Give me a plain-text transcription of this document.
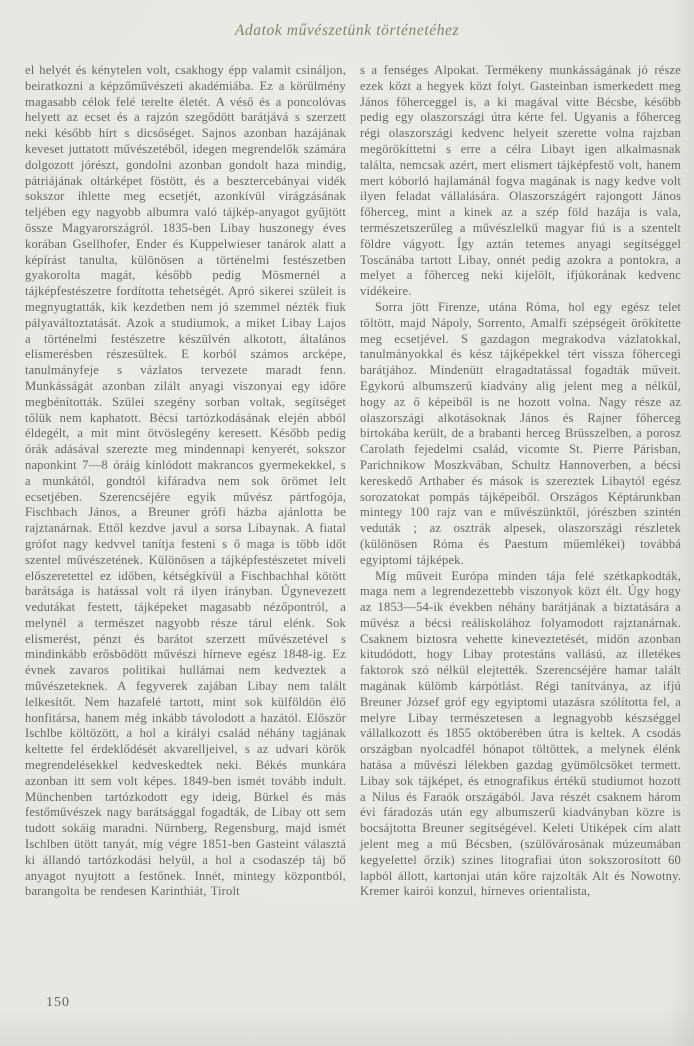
Adatok művészetünk történetéhez

el helyét és kénytelen volt, csakhogy épp valamit csináljon, beiratkozni a képzőművészeti akadémiába. Ez a körülmény magasabb célok felé terelte életét. A véső és a poncolóvas helyett az ecset és a rajzón szegődött barátjává s szerzett neki később hírt s dicsőséget. Sajnos azonban hazájának keveset juttatott művészetéből, idegen megrendelők számára dolgozott jórészt, gondolni azonban gondolt haza mindig, pátriájának oltárképet föstött, és a besztercebányai vidék sokszor ihlette meg ecsetjét, azonkívül virágzásának teljében egy nagyobb albumra való tájkép-anyagot gyűjtött össze Magyarországról. 1835-ben Libay huszonegy éves korában Gsellhofer, Ender és Kuppelwieser tanárok alatt a képírást tanulta, különösen a történelmi festészetben gyakorolta magát, később pedig Mösmernél a tájképfestészetre fordította tehetségét. Apró sikerei szüleit is megnyugtatták, kik kezdetben nem jó szemmel nézték fiuk pályaváltoztatását. Azok a studiumok, a miket Libay Lajos a történelmi festészetre készülvén alkotott, általános elismerésben részesültek. E korból számos arcképe, tanulmányfeje s vázlatos tervezete maradt fenn. Munkásságát azonban zilált anyagi viszonyai egy időre megbénították. Szülei szegény sorban voltak, segítséget tőlük nem kaphatott. Bécsi tartózkodásának elején abból éldegélt, a mit mint ötvöslegény keresett. Később pedig órák adásával szerezte meg mindennapi kenyerét, sokszor naponkint 7—8 óráig kínlódott makrancos gyermekekkel, s a munkától, gondtól kifáradva nem sok örömet lelt ecsetjében. Szerencséjére egyik művész pártfogója, Fischbach János, a Breuner grófi házba ajánlotta be rajztanárnak. Ettől kezdve javul a sorsa Libaynak. A fiatal grófot nagy kedvvel tanítja festeni s ő maga is több időt szentel művészetének. Különösen a tájképfestészetet míveli előszeretettel ez időben, kétségkívül a Fischbachhal kötött barátsága is hatással volt rá ilyen irányban. Úgynevezett vedutákat festett, tájképeket magasabb nézőpontról, a melynél a természet nagyobb része tárul elénk. Sok elismerést, pénzt és barátot szerzett művészetével s mindinkább erősbödött művészi hírneve egész 1848-ig. Ez évnek zavaros politikai hullámai nem kedveztek a művészeteknek. A fegyverek zajában Libay nem talált lelkesítőt. Nem hazafelé tartott, mint sok külföldön élő honfitársa, hanem még inkább távolodott a hazától. Először Ischlbe költözött, a hol a királyi család néhány tagjának keltette fel érdeklődését akvarelljeivel, s az udvari körök megrendelésekkel kedveskedtek neki. Békés munkára azonban itt sem volt képes. 1849-ben ismét tovább indult. Münchenben tartózkodott egy ideig, Bürkel és más festőművészek nagy barátsággal fogadták, de Libay ott sem tudott sokáig maradni. Nürnberg, Regensburg, majd ismét Ischlben ütött tanyát, míg végre 1851-ben Gasteint választá ki állandó tartózkodási helyül, a hol a csodaszép táj bő anyagot nyujtott a festőnek. Innét, mintegy központból, barangolta be rendesen Karinthiát, Tirolt

s a fenséges Alpokat. Termékeny munkásságának jó része ezek közt a hegyek közt folyt. Gasteinban ismerkedett meg János főherceggel is, a ki magával vitte Bécsbe, később pedig egy olaszországi útra kérte fel. Ugyanis a főherceg régi olaszországi kedvenc helyeit szerette volna rajzban megörökíttetni s erre a célra Libayt igen alkalmasnak találta, nemcsak azért, mert elismert tájképfestő volt, hanem mert kóborló hajlamánál fogva magának is nagy kedve volt ilyen feladat vállalására. Olaszországért rajongott János főherceg, mint a kinek az a szép föld hazája is vala, természetszerűleg a művészlelkű magyar fiú is a szentelt földre vágyott. Így aztán tetemes anyagi segítséggel Toscánába tartott Libay, onnét pedig azokra a pontokra, a melyet a főherceg neki kijelölt, ifjúkorának kedvenc vidékeire.

Sorra jött Firenze, utána Róma, hol egy egész telet töltött, majd Nápoly, Sorrento, Amalfi szépségeit örökítette meg ecsetjével. S gazdagon megrakodva vázlatokkal, tanulmányokkal és kész tájképekkel tért vissza főhercegi barátjához. Mindenütt elragadtatással fogadták műveit. Egykorú albumszerű kiadvány alig jelent meg a nélkül, hogy az ő képeiből is ne hozott volna. Nagy része az olaszországi alkotásoknak János és Rajner főherceg birtokába került, de a brabanti herceg Brüsszelben, a porosz Carolath fejedelmi család, vicomte St. Pierre Párisban, Parichnikow Moszkvában, Schultz Hannoverben, a bécsi kereskedő Arthaber és mások is szereztek Libaytól egész sorozatokat pompás tájképeiből. Országos Képtárunkban mintegy 100 rajz van e művészünktől, jórészben szintén veduták ; az osztrák alpesek, olaszországi részletek (különösen Róma és Paestum műemlékei) továbbá egyiptomi tájképek.

Míg műveit Európa minden tája felé szétkapkodták, maga nem a legrendezettebb viszonyok közt élt. Úgy hogy az 1853—54-ik években néhány barátjának a biztatására a művész a bécsi reáliskolához folyamodott rajztanárnak. Csaknem biztosra vehette kineveztetését, midőn azonban kitudódott, hogy Libay protestáns vallású, az illetékes faktorok szó nélkül elejtették. Szerencséjére hamar talált magának külömb kárpótlást. Régi tanítványa, az ifjú Breuner József gróf egy egyiptomi utazásra szólította fel, a melyre Libay természetesen a legnagyobb készséggel vállalkozott és 1855 októberében útra is keltek. A csodás országban nyolcadfél hónapot töltöttek, a melynek élénk hatása a művészi lélekben gazdag gyümölcsöket termett. Libay sok tájképet, és etnografikus értékű studiumot hozott a Nilus és Faraók országából. Java részét csaknem három évi fáradozás után egy albumszerű kiadványban közre is bocsájtotta Breuner segítségével. Keleti Utiképek cím alatt jelent meg a mű Bécsben, (szülővárosának múzeumában kegyelettel őrzik) szines litografiai úton sokszorosított 60 lapból állott, kartonjai után kőre rajzolták Alt és Nowotny. Kremer kairói konzul, hírneves orientalista,

150
